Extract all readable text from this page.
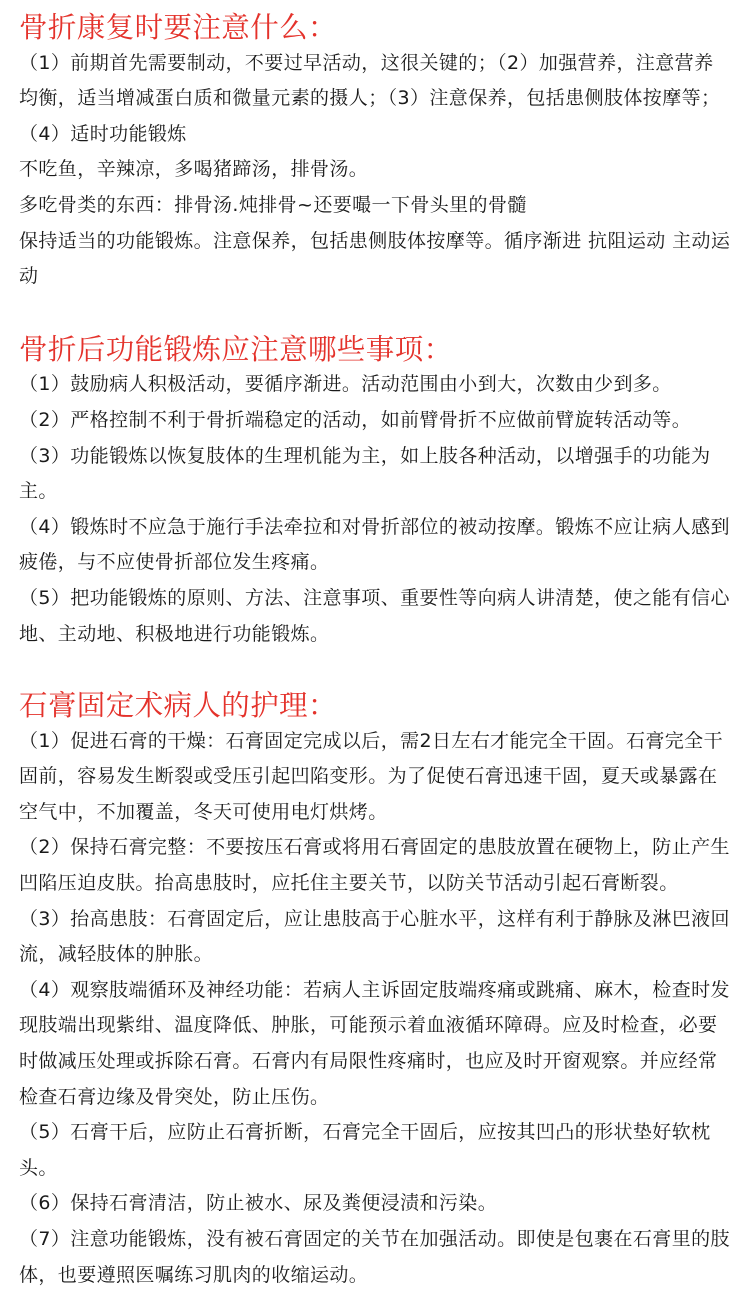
骨折康复时要注意什么：

（1）前期首先需要制动，不要过早活动，这很关键的；（2）加强营养，注意营养均衡，适当增减蛋白质和微量元素的摄人；（3）注意保养，包括患侧肢体按摩等；（4）适时功能锻炼

不吃鱼，辛辣凉，多喝猪蹄汤，排骨汤。

多吃骨类的东西：排骨汤.炖排骨~还要嘬一下骨头里的骨髓

保持适当的功能锻炼。注意保养，包括患侧肢体按摩等。循序渐进 抗阻运动 主动运动

骨折后功能锻炼应注意哪些事项：

（1）鼓励病人积极活动，要循序渐进。活动范围由小到大，次数由少到多。

（2）严格控制不利于骨折端稳定的活动，如前臂骨折不应做前臂旋转活动等。

（3）功能锻炼以恢复肢体的生理机能为主，如上肢各种活动，以增强手的功能为主。

（4）锻炼时不应急于施行手法牵拉和对骨折部位的被动按摩。锻炼不应让病人感到疲倦，与不应使骨折部位发生疼痛。

（5）把功能锻炼的原则、方法、注意事项、重要性等向病人讲清楚，使之能有信心地、主动地、积极地进行功能锻炼。

石膏固定术病人的护理：

（1）促进石膏的干燥：石膏固定完成以后，需2日左右才能完全干固。石膏完全干固前，容易发生断裂或受压引起凹陷变形。为了促使石膏迅速干固，夏天或暴露在空气中，不加覆盖，冬天可使用电灯烘烤。

（2）保持石膏完整：不要按压石膏或将用石膏固定的患肢放置在硬物上，防止产生凹陷压迫皮肤。抬高患肢时，应托住主要关节，以防关节活动引起石膏断裂。

（3）抬高患肢：石膏固定后，应让患肢高于心脏水平，这样有利于静脉及淋巴液回流，减轻肢体的肿胀。

（4）观察肢端循环及神经功能：若病人主诉固定肢端疼痛或跳痛、麻木，检查时发现肢端出现紫绀、温度降低、肿胀，可能预示着血液循环障碍。应及时检查，必要时做减压处理或拆除石膏。石膏内有局限性疼痛时，也应及时开窗观察。并应经常检查石膏边缘及骨突处，防止压伤。

（5）石膏干后，应防止石膏折断，石膏完全干固后，应按其凹凸的形状垫好软枕头。

（6）保持石膏清洁，防止被水、尿及粪便浸渍和污染。

（7）注意功能锻炼，没有被石膏固定的关节在加强活动。即使是包裹在石膏里的肢体，也要遵照医嘱练习肌肉的收缩运动。
